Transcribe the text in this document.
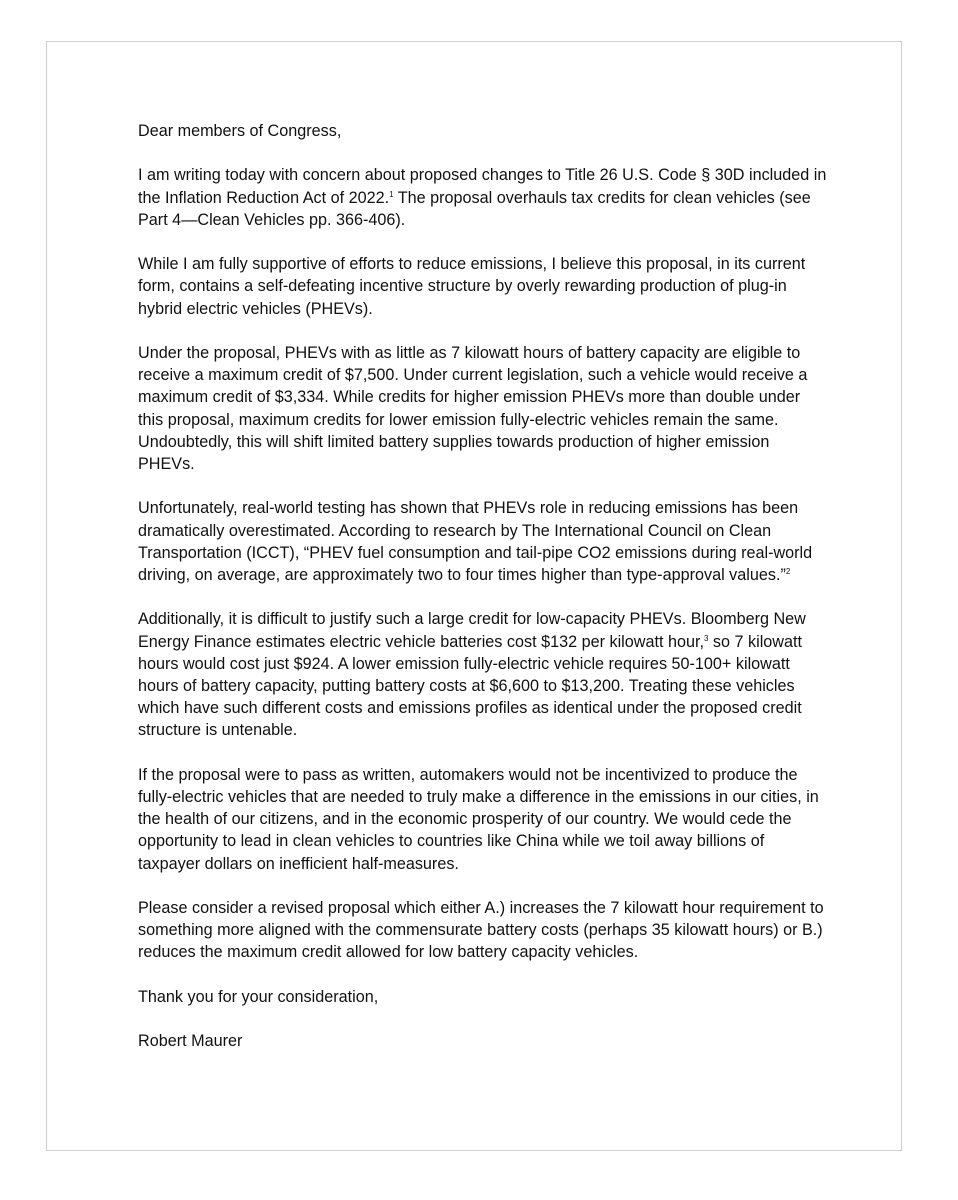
Dear members of Congress,

I am writing today with concern about proposed changes to Title 26 U.S. Code § 30D included in the Inflation Reduction Act of 2022.$^1$ The proposal overhauls tax credits for clean vehicles (see Part 4—Clean Vehicles pp. 366-406).

While I am fully supportive of efforts to reduce emissions, I believe this proposal, in its current form, contains a self-defeating incentive structure by overly rewarding production of plug-in hybrid electric vehicles (PHEVs).

Under the proposal, PHEVs with as little as 7 kilowatt hours of battery capacity are eligible to receive a maximum credit of $7,500. Under current legislation, such a vehicle would receive a maximum credit of $3,334. While credits for higher emission PHEVs more than double under this proposal, maximum credits for lower emission fully-electric vehicles remain the same. Undoubtedly, this will shift limited battery supplies towards production of higher emission PHEVs.

Unfortunately, real-world testing has shown that PHEVs role in reducing emissions has been dramatically overestimated. According to research by The International Council on Clean Transportation (ICCT), “PHEV fuel consumption and tail-pipe CO2 emissions during real-world driving, on average, are approximately two to four times higher than type-approval values.”$^2$

Additionally, it is difficult to justify such a large credit for low-capacity PHEVs. Bloomberg New Energy Finance estimates electric vehicle batteries cost $132 per kilowatt hour,$^3$ so 7 kilowatt hours would cost just $924. A lower emission fully-electric vehicle requires 50-100+ kilowatt hours of battery capacity, putting battery costs at $6,600 to $13,200. Treating these vehicles which have such different costs and emissions profiles as identical under the proposed credit structure is untenable.

If the proposal were to pass as written, automakers would not be incentivized to produce the fully-electric vehicles that are needed to truly make a difference in the emissions in our cities, in the health of our citizens, and in the economic prosperity of our country. We would cede the opportunity to lead in clean vehicles to countries like China while we toil away billions of taxpayer dollars on inefficient half-measures.

Please consider a revised proposal which either A.) increases the 7 kilowatt hour requirement to something more aligned with the commensurate battery costs (perhaps 35 kilowatt hours) or B.) reduces the maximum credit allowed for low battery capacity vehicles.

Thank you for your consideration,

Robert Maurer
